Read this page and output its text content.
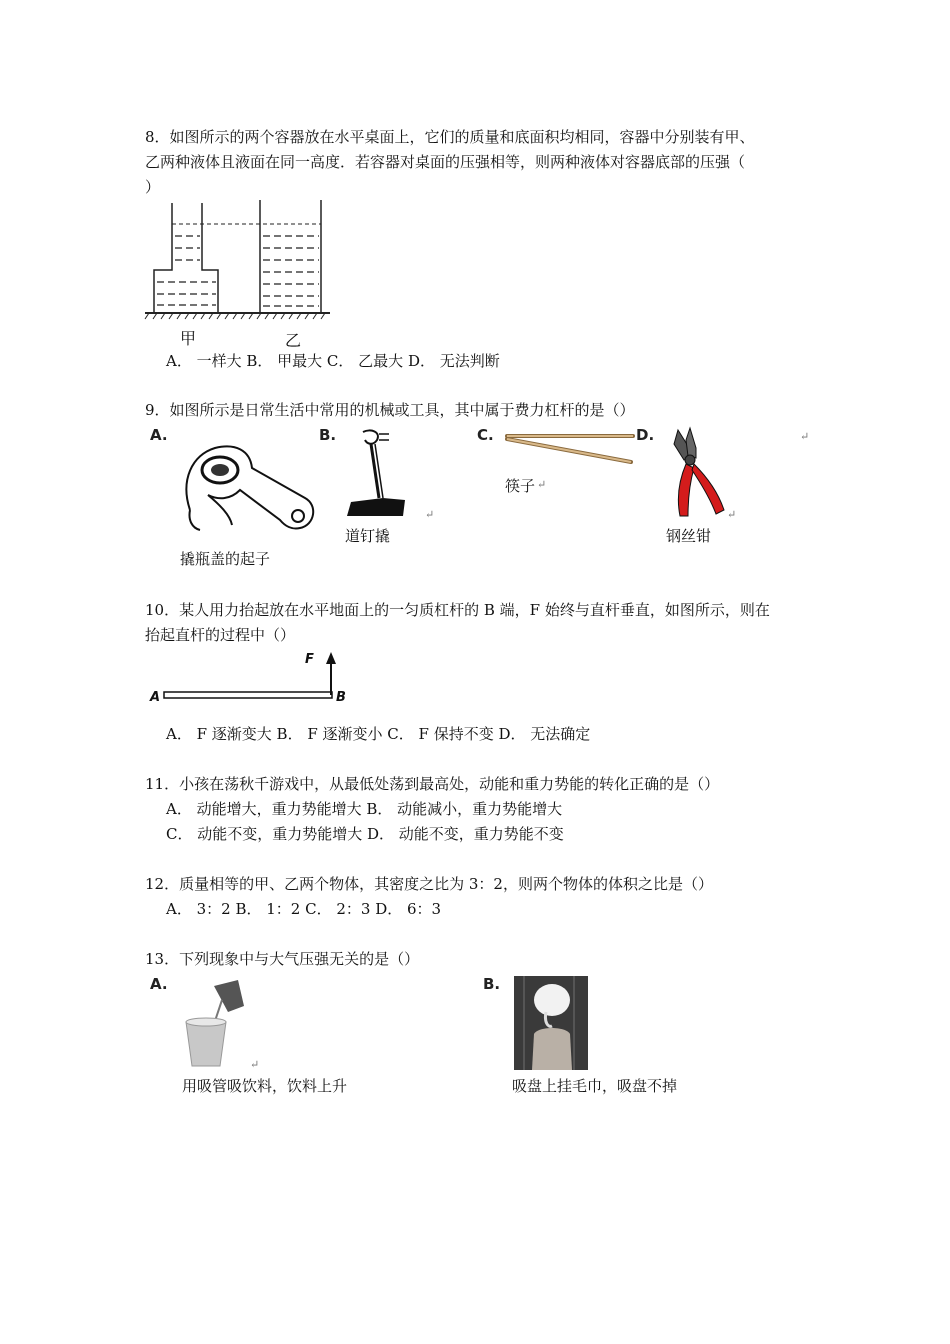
8．如图所示的两个容器放在水平桌面上，它们的质量和底面积均相同，容器中分别装有甲、
乙两种液体且液面在同一高度．若容器对桌面的压强相等，则两种液体对容器底部的压强（
）
甲	乙
A． 一样大 B． 甲最大 C． 乙最大 D． 无法判断
9．如图所示是日常生活中常用的机械或工具，其中属于费力杠杆的是（）
A.
撬瓶盖的起子
B.
道钉撬
↵
C.
筷子 ↵
D.
钢丝钳
↵
↵
10．某人用力抬起放在水平地面上的一匀质杠杆的 B 端，F 始终与直杆垂直，如图所示，则在
抬起直杆的过程中（）
F
A	B
A． F 逐渐变大 B． F 逐渐变小 C． F 保持不变 D． 无法确定
11．小孩在荡秋千游戏中，从最低处荡到最高处，动能和重力势能的转化正确的是（）
A． 动能增大，重力势能增大 B． 动能减小，重力势能增大
C． 动能不变，重力势能增大 D． 动能不变，重力势能不变
12．质量相等的甲、乙两个物体，其密度之比为 3：2，则两个物体的体积之比是（）
A． 3：2 B． 1：2 C． 2：3 D． 6：3
13．下列现象中与大气压强无关的是（）
A.
用吸管吸饮料，饮料上升
↵
B.
吸盘上挂毛巾，吸盘不掉
